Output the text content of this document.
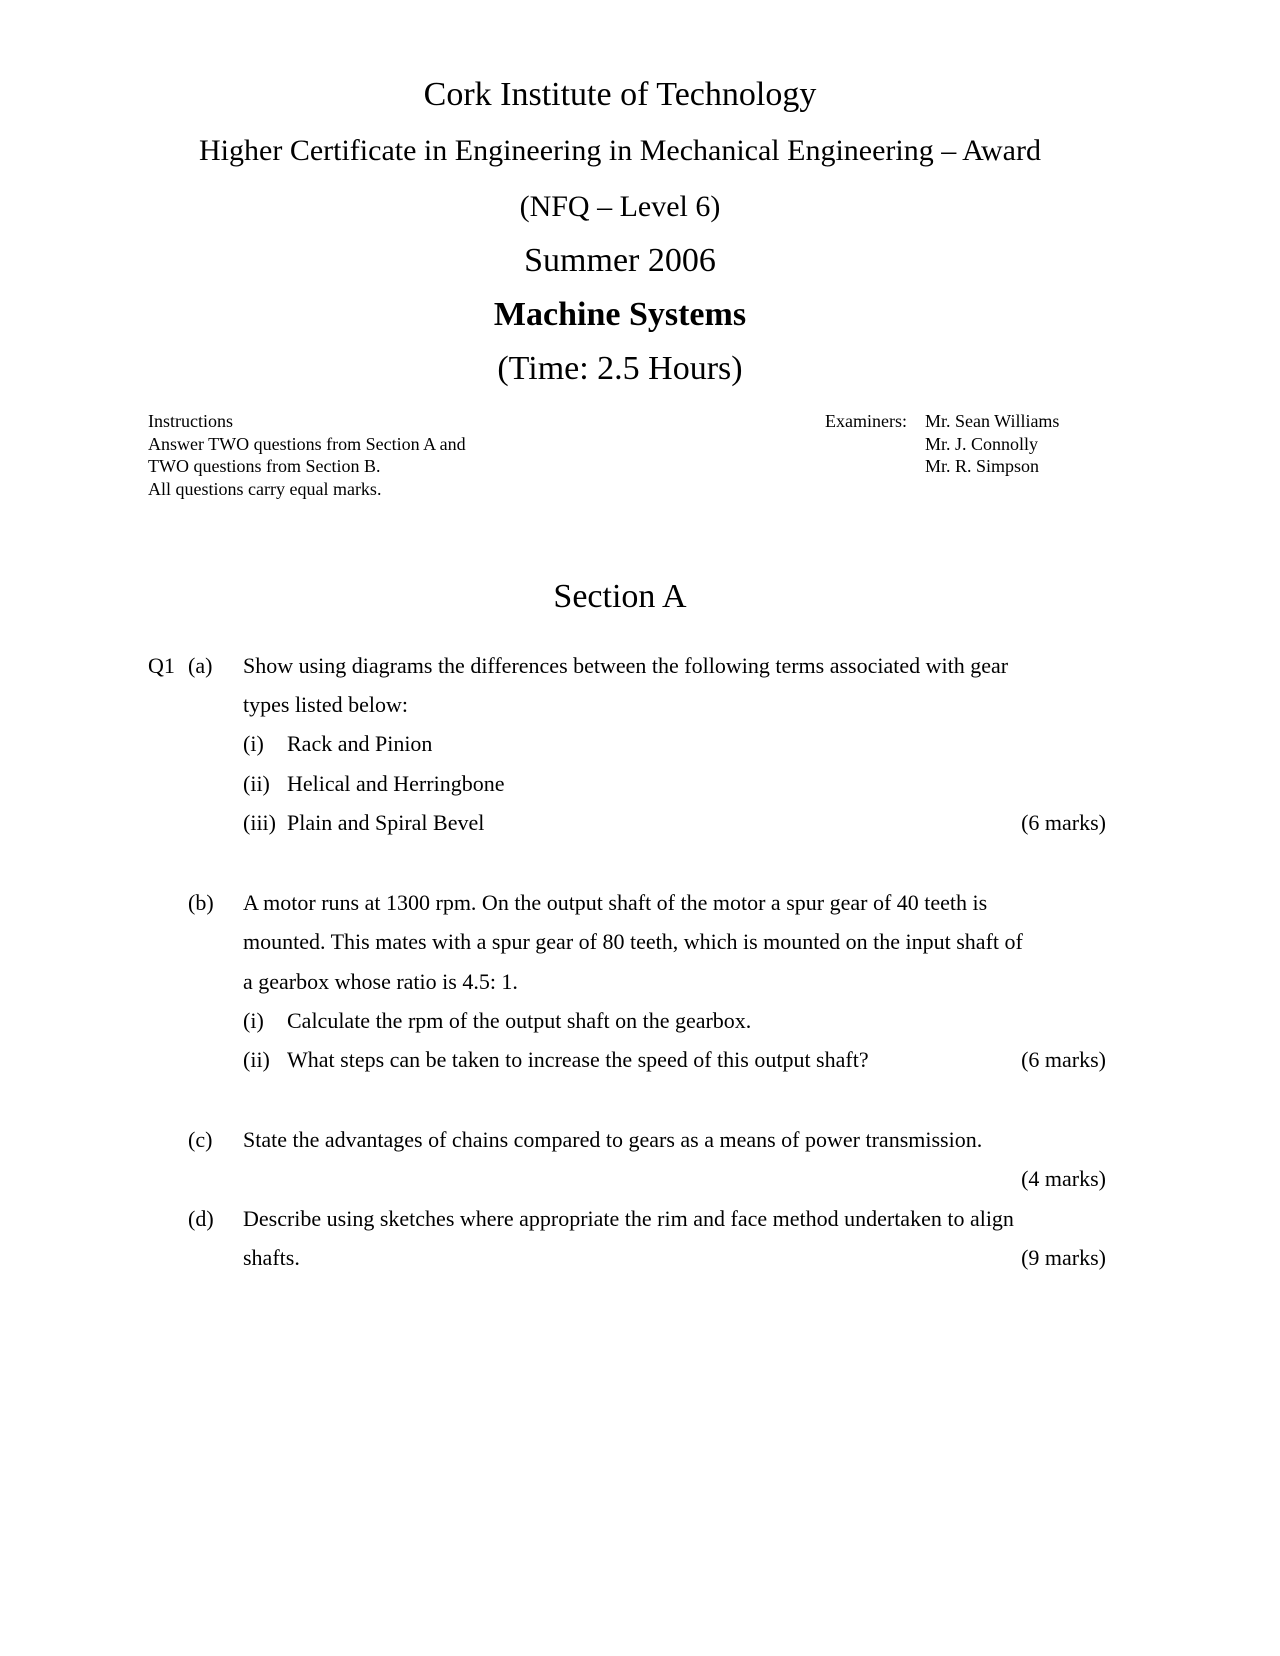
Cork Institute of Technology
Higher Certificate in Engineering in Mechanical Engineering – Award
(NFQ – Level 6)
Summer 2006
Machine Systems
(Time: 2.5 Hours)
Instructions
Answer TWO questions from Section A and
TWO questions from Section B.
All questions carry equal marks.
Examiners:	Mr. Sean Williams
Mr. J. Connolly
Mr. R. Simpson
Section A
Q1 (a) Show using diagrams the differences between the following terms associated with gear
types listed below:
(i) Rack and Pinion
(ii) Helical and Herringbone
(iii) Plain and Spiral Bevel	(6 marks)
(b) A motor runs at 1300 rpm. On the output shaft of the motor a spur gear of 40 teeth is
mounted. This mates with a spur gear of 80 teeth, which is mounted on the input shaft of
a gearbox whose ratio is 4.5: 1.
(i) Calculate the rpm of the output shaft on the gearbox.
(ii) What steps can be taken to increase the speed of this output shaft?	(6 marks)
(c) State the advantages of chains compared to gears as a means of power transmission.
(4 marks)
(d) Describe using sketches where appropriate the rim and face method undertaken to align
shafts.	(9 marks)
